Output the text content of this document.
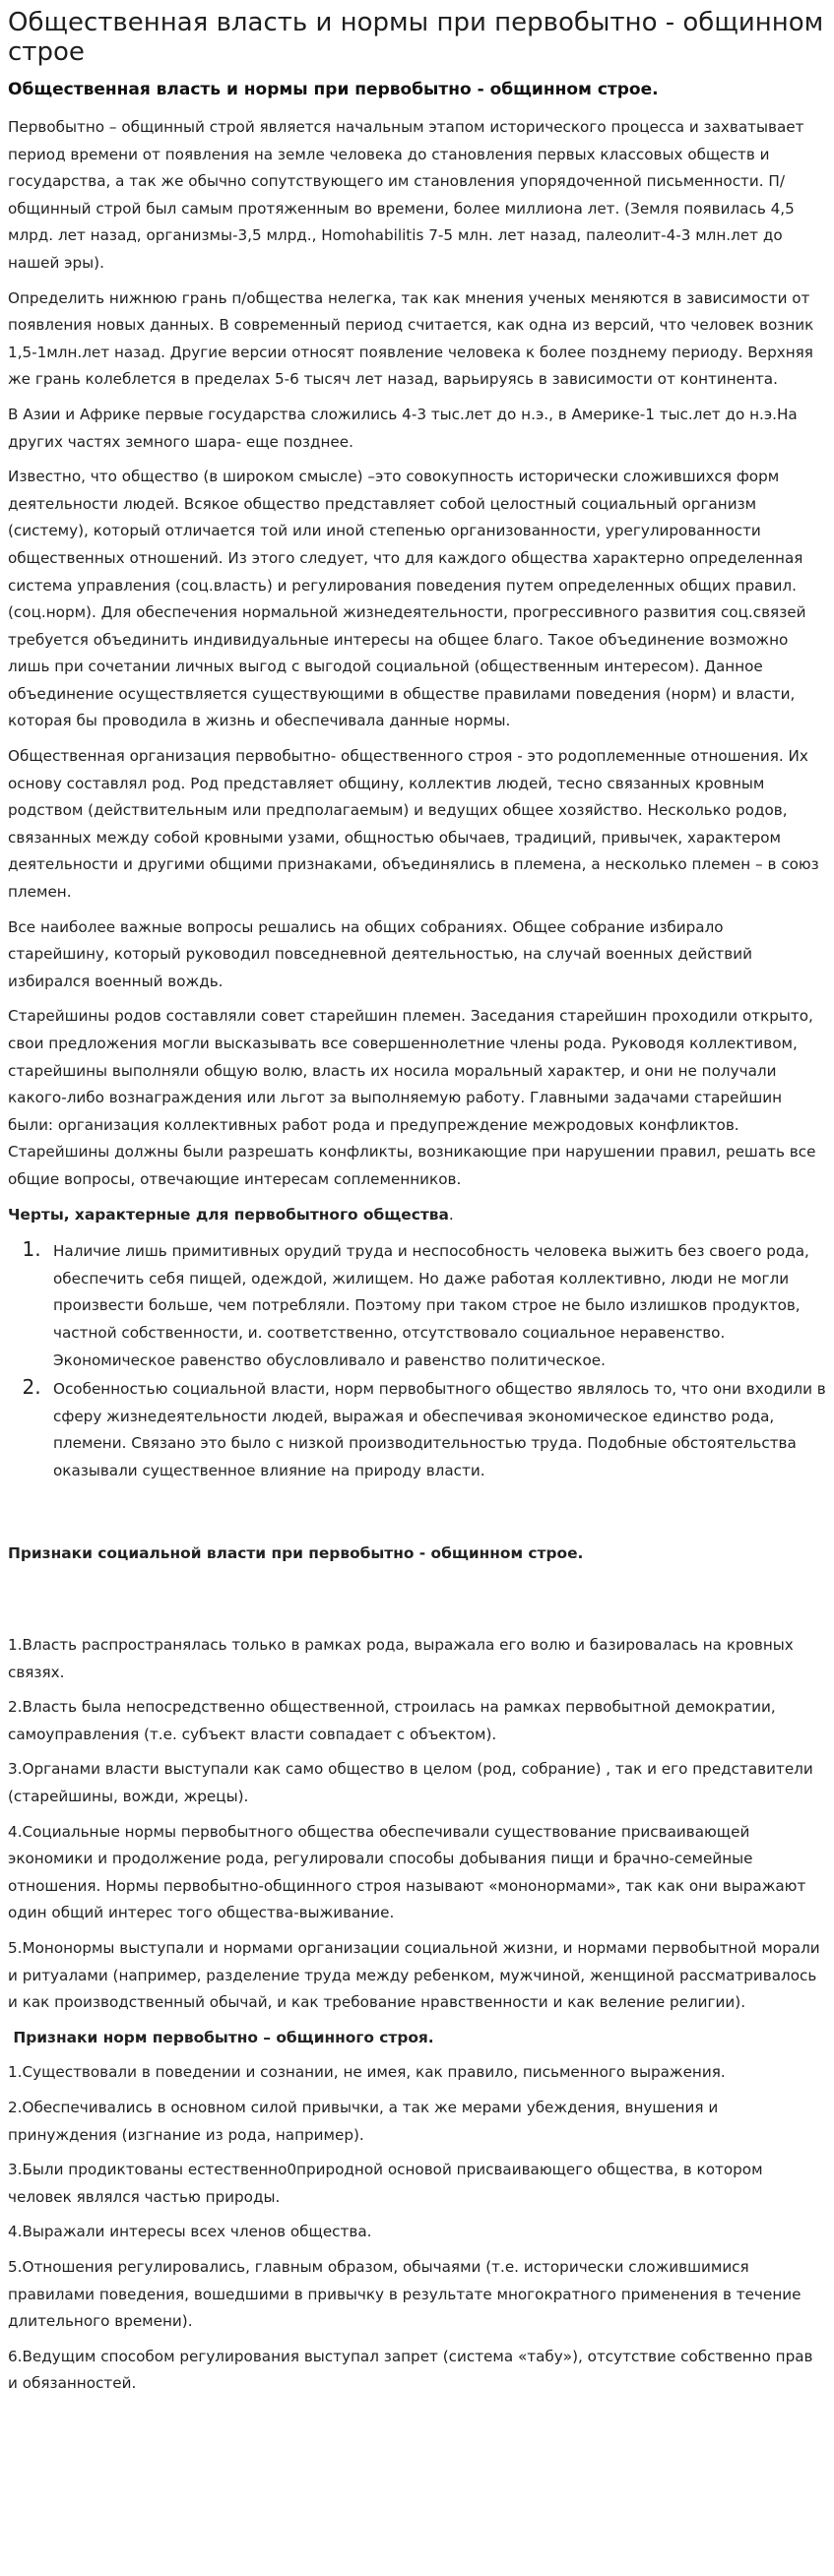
Общественная власть и нормы при первобытно - общинном строе
Общественная власть и нормы при первобытно - общинном строе.

Первобытно – общинный строй является начальным этапом исторического процесса и захватывает период времени от появления на земле человека до становления первых классовых обществ и государства, а так же обычно сопутствующего им становления упорядоченной письменности. П/общинный строй был самым протяженным во времени, более миллиона лет. (Земля появилась 4,5 млрд. лет назад, организмы-3,5 млрд., Homohabilitis 7-5 млн. лет назад, палеолит-4-3 млн.лет до нашей эры).

Определить нижнюю грань п/общества нелегка, так как мнения ученых меняются в зависимости от появления новых данных. В современный период считается, как одна из версий, что человек возник 1,5-1млн.лет назад. Другие версии относят появление человека к более позднему периоду. Верхняя же грань колеблется в пределах 5-6 тысяч лет назад, варьируясь в зависимости от континента.

В Азии и Африке первые государства сложились 4-3 тыс.лет до н.э., в Америке-1 тыс.лет до н.э.На других частях земного шара- еще позднее.

Известно, что общество (в широком смысле) –это совокупность исторически сложившихся форм деятельности людей. Всякое общество представляет собой целостный социальный организм (систему), который отличается той или иной степенью организованности, урегулированности общественных отношений. Из этого следует, что для каждого общества характерно определенная система управления (соц.власть) и регулирования поведения путем определенных общих правил. (соц.норм). Для обеспечения нормальной жизнедеятельности, прогрессивного развития соц.связей требуется объединить индивидуальные интересы на общее благо. Такое объединение возможно лишь при сочетании личных выгод с выгодой социальной (общественным интересом). Данное объединение осуществляется существующими в обществе правилами поведения (норм) и власти, которая бы проводила в жизнь и обеспечивала данные нормы.

Общественная организация первобытно- общественного строя - это родоплеменные отношения. Их основу составлял род. Род представляет общину, коллектив людей, тесно связанных кровным родством (действительным или предполагаемым) и ведущих общее хозяйство. Несколько родов, связанных между собой кровными узами, общностью обычаев, традиций, привычек, характером деятельности и другими общими признаками, объединялись в племена, а несколько племен – в союз племен.

Все наиболее важные вопросы решались на общих собраниях. Общее собрание избирало старейшину, который руководил повседневной деятельностью, на случай военных действий избирался военный вождь.

Старейшины родов составляли совет старейшин племен. Заседания старейшин проходили открыто, свои предложения могли высказывать все совершеннолетние члены рода. Руководя коллективом, старейшины выполняли общую волю, власть их носила моральный характер, и они не получали какого-либо вознаграждения или льгот за выполняемую работу. Главными задачами старейшин были: организация коллективных работ рода и предупреждение межродовых конфликтов. Старейшины должны были разрешать конфликты, возникающие при нарушении правил, решать все общие вопросы, отвечающие интересам соплеменников.

Черты, характерные для первобытного общества.
1. Наличие лишь примитивных орудий труда и неспособность человека выжить без своего рода, обеспечить себя пищей, одеждой, жилищем. Но даже работая коллективно, люди не могли произвести больше, чем потребляли. Поэтому при таком строе не было излишков продуктов, частной собственности, и. соответственно, отсутствовало социальное неравенство. Экономическое равенство обусловливало и равенство политическое.
2. Особенностью социальной власти, норм первобытного общество являлось то, что они входили в сферу жизнедеятельности людей, выражая и обеспечивая экономическое единство рода, племени. Связано это было с низкой производительностью труда. Подобные обстоятельства оказывали существенное влияние на природу власти.
Признаки социальной власти при первобытно - общинном строе.

1.Власть распространялась только в рамках рода, выражала его волю и базировалась на кровных связях.

2.Власть была непосредственно общественной, строилась на рамках первобытной демократии, самоуправления (т.е. субъект власти совпадает с объектом).

3.Органами власти выступали как само общество в целом (род, собрание) , так и его представители (старейшины, вожди, жрецы).

4.Социальные нормы первобытного общества обеспечивали существование присваивающей экономики и продолжение рода, регулировали способы добывания пищи и брачно-семейные отношения. Нормы первобытно-общинного строя называют «мононормами», так как они выражают один общий интерес того общества-выживание.

5.Мононормы выступали и нормами организации социальной жизни, и нормами первобытной морали и ритуалами (например, разделение труда между ребенком, мужчиной, женщиной рассматривалось и как производственный обычай, и как требование нравственности и как веление религии).

Признаки норм первобытно – общинного строя.

1.Существовали в поведении и сознании, не имея, как правило, письменного выражения.

2.Обеспечивались в основном силой привычки, а так же мерами убеждения, внушения и принуждения (изгнание из рода, например).

3.Были продиктованы естественно0природной основой присваивающего общества, в котором человек являлся частью природы.

4.Выражали интересы всех членов общества.

5.Отношения регулировались, главным образом, обычаями (т.е. исторически сложившимися правилами поведения, вошедшими в привычку в результате многократного применения в течение длительного времени).

6.Ведущим способом регулирования выступал запрет (система «табу»), отсутствие собственно прав и обязанностей.
